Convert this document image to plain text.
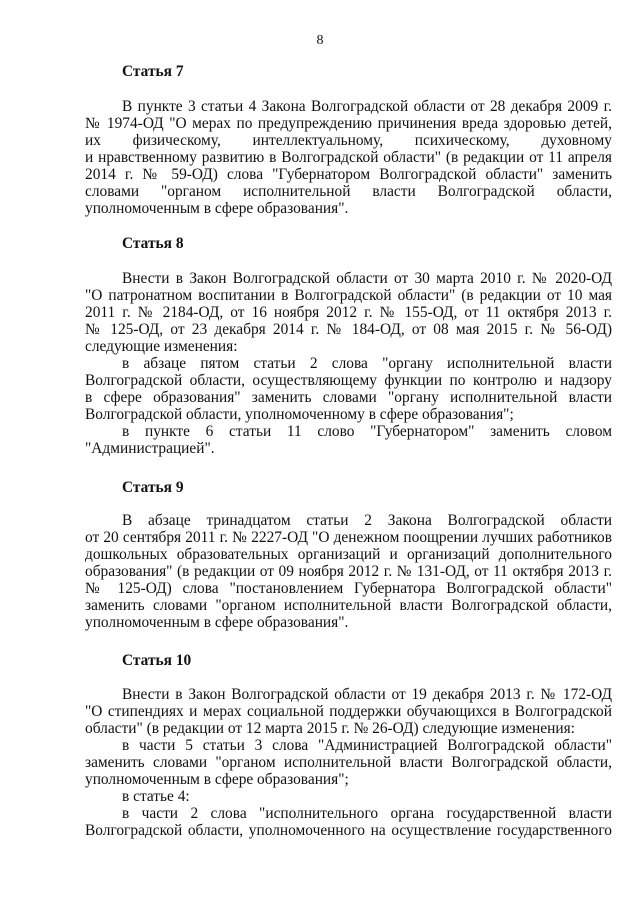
8
Статья 7
В пункте 3 статьи 4 Закона Волгоградской области от 28 декабря 2009 г.
№ 1974-ОД "О мерах по предупреждению причинения вреда здоровью детей,
их физическому, интеллектуальному, психическому, духовному
и нравственному развитию в Волгоградской области" (в редакции от 11 апреля
2014 г. № 59-ОД) слова "Губернатором Волгоградской области" заменить
словами "органом исполнительной власти Волгоградской области,
уполномоченным в сфере образования".
Статья 8
Внести в Закон Волгоградской области от 30 марта 2010 г. № 2020-ОД
"О патронатном воспитании в Волгоградской области" (в редакции от 10 мая
2011 г. № 2184-ОД, от 16 ноября 2012 г. № 155-ОД, от 11 октября 2013 г.
№ 125-ОД, от 23 декабря 2014 г. № 184-ОД, от 08 мая 2015 г. № 56-ОД)
следующие изменения:
в абзаце пятом статьи 2 слова "органу исполнительной власти
Волгоградской области, осуществляющему функции по контролю и надзору
в сфере образования" заменить словами "органу исполнительной власти
Волгоградской области, уполномоченному в сфере образования";
в пункте 6 статьи 11 слово "Губернатором" заменить словом
"Администрацией".
Статья 9
В абзаце тринадцатом статьи 2 Закона Волгоградской области
от 20 сентября 2011 г. № 2227-ОД "О денежном поощрении лучших работников
дошкольных образовательных организаций и организаций дополнительного
образования" (в редакции от 09 ноября 2012 г. № 131-ОД, от 11 октября 2013 г.
№ 125-ОД) слова "постановлением Губернатора Волгоградской области"
заменить словами "органом исполнительной власти Волгоградской области,
уполномоченным в сфере образования".
Статья 10
Внести в Закон Волгоградской области от 19 декабря 2013 г. № 172-ОД
"О стипендиях и мерах социальной поддержки обучающихся в Волгоградской
области" (в редакции от 12 марта 2015 г. № 26-ОД) следующие изменения:
в части 5 статьи 3 слова "Администрацией Волгоградской области"
заменить словами "органом исполнительной власти Волгоградской области,
уполномоченным в сфере образования";
в статье 4:
в части 2 слова "исполнительного органа государственной власти
Волгоградской области, уполномоченного на осуществление государственного
